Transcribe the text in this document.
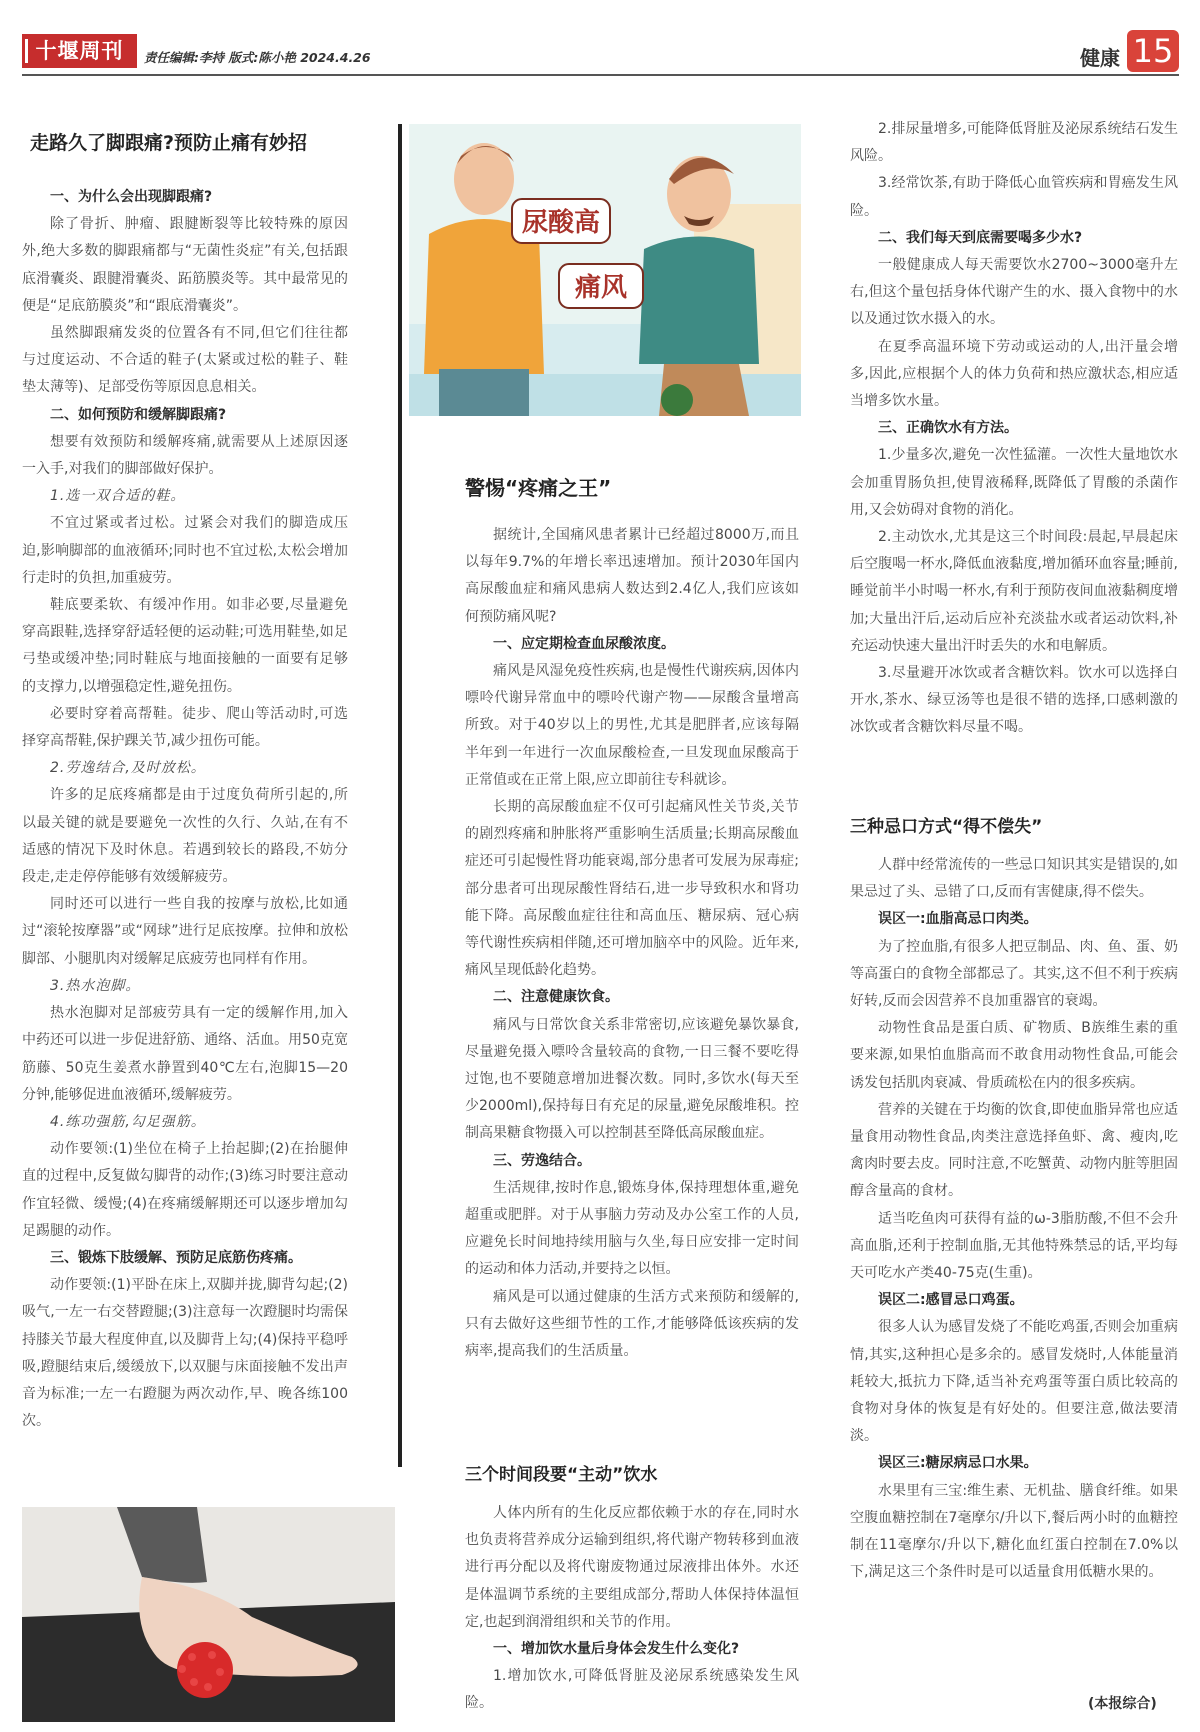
十堰周刊	责任编辑:李持 版式:陈小艳 2024.4.26	健康 15
走路久了脚跟痛?预防止痛有妙招

一、为什么会出现脚跟痛?

除了骨折、肿瘤、跟腱断裂等比较特殊的原因外,绝大多数的脚跟痛都与“无菌性炎症”有关,包括跟底滑囊炎、跟腱滑囊炎、跖筋膜炎等。其中最常见的便是“足底筋膜炎”和“跟底滑囊炎”。

虽然脚跟痛发炎的位置各有不同,但它们往往都与过度运动、不合适的鞋子(太紧或过松的鞋子、鞋垫太薄等)、足部受伤等原因息息相关。

二、如何预防和缓解脚跟痛?

想要有效预防和缓解疼痛,就需要从上述原因逐一入手,对我们的脚部做好保护。

1.选一双合适的鞋。

不宜过紧或者过松。过紧会对我们的脚造成压迫,影响脚部的血液循环;同时也不宜过松,太松会增加行走时的负担,加重疲劳。

鞋底要柔软、有缓冲作用。如非必要,尽量避免穿高跟鞋,选择穿舒适轻便的运动鞋;可选用鞋垫,如足弓垫或缓冲垫;同时鞋底与地面接触的一面要有足够的支撑力,以增强稳定性,避免扭伤。

必要时穿着高帮鞋。徒步、爬山等活动时,可选择穿高帮鞋,保护踝关节,减少扭伤可能。

2.劳逸结合,及时放松。

许多的足底疼痛都是由于过度负荷所引起的,所以最关键的就是要避免一次性的久行、久站,在有不适感的情况下及时休息。若遇到较长的路段,不妨分段走,走走停停能够有效缓解疲劳。

同时还可以进行一些自我的按摩与放松,比如通过“滚轮按摩器”或“网球”进行足底按摩。拉伸和放松脚部、小腿肌肉对缓解足底疲劳也同样有作用。

3.热水泡脚。

热水泡脚对足部疲劳具有一定的缓解作用,加入中药还可以进一步促进舒筋、通络、活血。用50克宽筋藤、50克生姜煮水静置到40℃左右,泡脚15—20分钟,能够促进血液循环,缓解疲劳。

4.练功强筋,勾足强筋。

动作要领:(1)坐位在椅子上抬起脚;(2)在抬腿伸直的过程中,反复做勾脚背的动作;(3)练习时要注意动作宜轻微、缓慢;(4)在疼痛缓解期还可以逐步增加勾足踢腿的动作。

三、锻炼下肢缓解、预防足底筋伤疼痛。

动作要领:(1)平卧在床上,双脚并拢,脚背勾起;(2)吸气,一左一右交替蹬腿;(3)注意每一次蹬腿时均需保持膝关节最大程度伸直,以及脚背上勾;(4)保持平稳呼吸,蹬腿结束后,缓缓放下,以双腿与床面接触不发出声音为标准;一左一右蹬腿为两次动作,早、晚各练100次。

尿酸高
痛风
警惕“疼痛之王”

据统计,全国痛风患者累计已经超过8000万,而且以每年9.7%的年增长率迅速增加。预计2030年国内高尿酸血症和痛风患病人数达到2.4亿人,我们应该如何预防痛风呢?

一、应定期检查血尿酸浓度。

痛风是风湿免疫性疾病,也是慢性代谢疾病,因体内嘌呤代谢异常血中的嘌呤代谢产物——尿酸含量增高所致。对于40岁以上的男性,尤其是肥胖者,应该每隔半年到一年进行一次血尿酸检查,一旦发现血尿酸高于正常值或在正常上限,应立即前往专科就诊。

长期的高尿酸血症不仅可引起痛风性关节炎,关节的剧烈疼痛和肿胀将严重影响生活质量;长期高尿酸血症还可引起慢性肾功能衰竭,部分患者可发展为尿毒症;部分患者可出现尿酸性肾结石,进一步导致积水和肾功能下降。高尿酸血症往往和高血压、糖尿病、冠心病等代谢性疾病相伴随,还可增加脑卒中的风险。近年来,痛风呈现低龄化趋势。

二、注意健康饮食。

痛风与日常饮食关系非常密切,应该避免暴饮暴食,尽量避免摄入嘌呤含量较高的食物,一日三餐不要吃得过饱,也不要随意增加进餐次数。同时,多饮水(每天至少2000ml),保持每日有充足的尿量,避免尿酸堆积。控制高果糖食物摄入可以控制甚至降低高尿酸血症。

三、劳逸结合。

生活规律,按时作息,锻炼身体,保持理想体重,避免超重或肥胖。对于从事脑力劳动及办公室工作的人员,应避免长时间地持续用脑与久坐,每日应安排一定时间的运动和体力活动,并要持之以恒。

痛风是可以通过健康的生活方式来预防和缓解的,只有去做好这些细节性的工作,才能够降低该疾病的发病率,提高我们的生活质量。

三个时间段要“主动”饮水

人体内所有的生化反应都依赖于水的存在,同时水也负责将营养成分运输到组织,将代谢产物转移到血液进行再分配以及将代谢废物通过尿液排出体外。水还是体温调节系统的主要组成部分,帮助人体保持体温恒定,也起到润滑组织和关节的作用。

一、增加饮水量后身体会发生什么变化?

1.增加饮水,可降低肾脏及泌尿系统感染发生风险。

2.排尿量增多,可能降低肾脏及泌尿系统结石发生风险。

3.经常饮茶,有助于降低心血管疾病和胃癌发生风险。

二、我们每天到底需要喝多少水?

一般健康成人每天需要饮水2700~3000毫升左右,但这个量包括身体代谢产生的水、摄入食物中的水以及通过饮水摄入的水。

在夏季高温环境下劳动或运动的人,出汗量会增多,因此,应根据个人的体力负荷和热应激状态,相应适当增多饮水量。

三、正确饮水有方法。

1.少量多次,避免一次性猛灌。一次性大量地饮水会加重胃肠负担,使胃液稀释,既降低了胃酸的杀菌作用,又会妨碍对食物的消化。

2.主动饮水,尤其是这三个时间段:晨起,早晨起床后空腹喝一杯水,降低血液黏度,增加循环血容量;睡前,睡觉前半小时喝一杯水,有利于预防夜间血液黏稠度增加;大量出汗后,运动后应补充淡盐水或者运动饮料,补充运动快速大量出汗时丢失的水和电解质。

3.尽量避开冰饮或者含糖饮料。饮水可以选择白开水,茶水、绿豆汤等也是很不错的选择,口感刺激的冰饮或者含糖饮料尽量不喝。

三种忌口方式“得不偿失”

人群中经常流传的一些忌口知识其实是错误的,如果忌过了头、忌错了口,反而有害健康,得不偿失。

误区一:血脂高忌口肉类。

为了控血脂,有很多人把豆制品、肉、鱼、蛋、奶等高蛋白的食物全部都忌了。其实,这不但不利于疾病好转,反而会因营养不良加重器官的衰竭。

动物性食品是蛋白质、矿物质、B族维生素的重要来源,如果怕血脂高而不敢食用动物性食品,可能会诱发包括肌肉衰减、骨质疏松在内的很多疾病。

营养的关键在于均衡的饮食,即使血脂异常也应适量食用动物性食品,肉类注意选择鱼虾、禽、瘦肉,吃禽肉时要去皮。同时注意,不吃蟹黄、动物内脏等胆固醇含量高的食材。

适当吃鱼肉可获得有益的ω-3脂肪酸,不但不会升高血脂,还利于控制血脂,无其他特殊禁忌的话,平均每天可吃水产类40-75克(生重)。

误区二:感冒忌口鸡蛋。

很多人认为感冒发烧了不能吃鸡蛋,否则会加重病情,其实,这种担心是多余的。感冒发烧时,人体能量消耗较大,抵抗力下降,适当补充鸡蛋等蛋白质比较高的食物对身体的恢复是有好处的。但要注意,做法要清淡。

误区三:糖尿病忌口水果。

水果里有三宝:维生素、无机盐、膳食纤维。如果空腹血糖控制在7毫摩尔/升以下,餐后两小时的血糖控制在11毫摩尔/升以下,糖化血红蛋白控制在7.0%以下,满足这三个条件时是可以适量食用低糖水果的。

(本报综合)
